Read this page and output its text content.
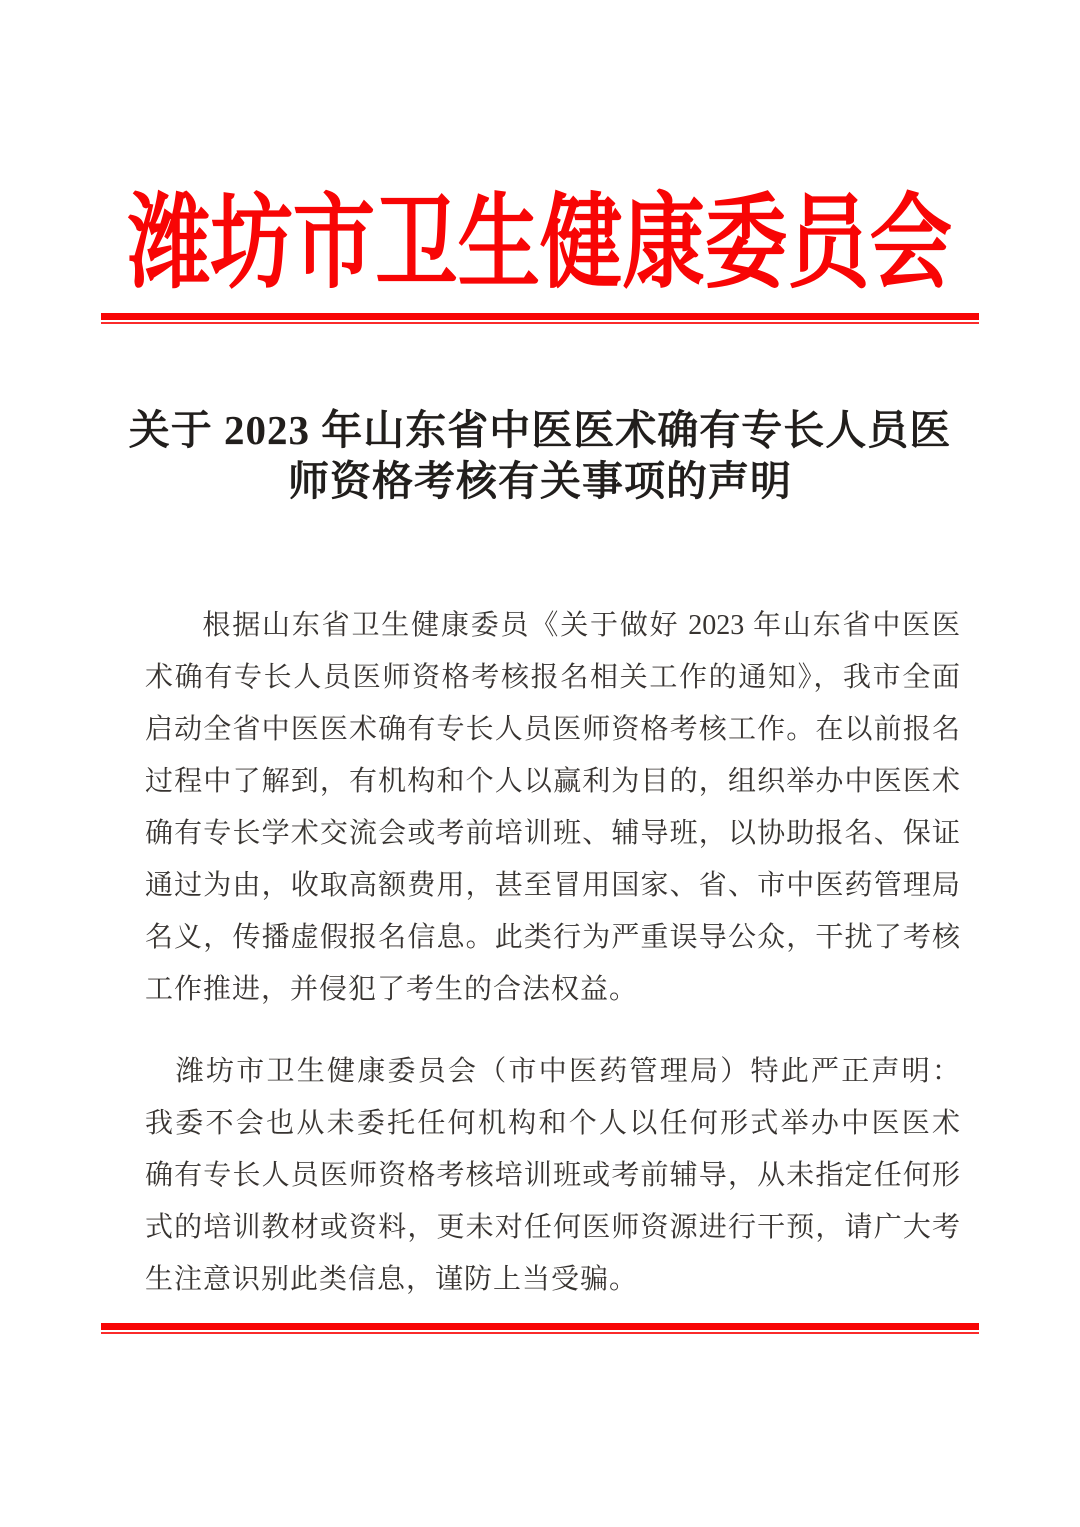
潍坊市卫生健康委员会
关于 2023 年山东省中医医术确有专长人员医
师资格考核有关事项的声明
根据山东省卫生健康委员《关于做好 2023 年山东省中医医
术确有专长人员医师资格考核报名相关工作的通知》，我市全面
启动全省中医医术确有专长人员医师资格考核工作。在以前报名
过程中了解到，有机构和个人以赢利为目的，组织举办中医医术
确有专长学术交流会或考前培训班、辅导班，以协助报名、保证
通过为由，收取高额费用，甚至冒用国家、省、市中医药管理局
名义，传播虚假报名信息。此类行为严重误导公众，干扰了考核
工作推进，并侵犯了考生的合法权益。
潍坊市卫生健康委员会（市中医药管理局）特此严正声明：
我委不会也从未委托任何机构和个人以任何形式举办中医医术
确有专长人员医师资格考核培训班或考前辅导，从未指定任何形
式的培训教材或资料，更未对任何医师资源进行干预，请广大考
生注意识别此类信息，谨防上当受骗。
